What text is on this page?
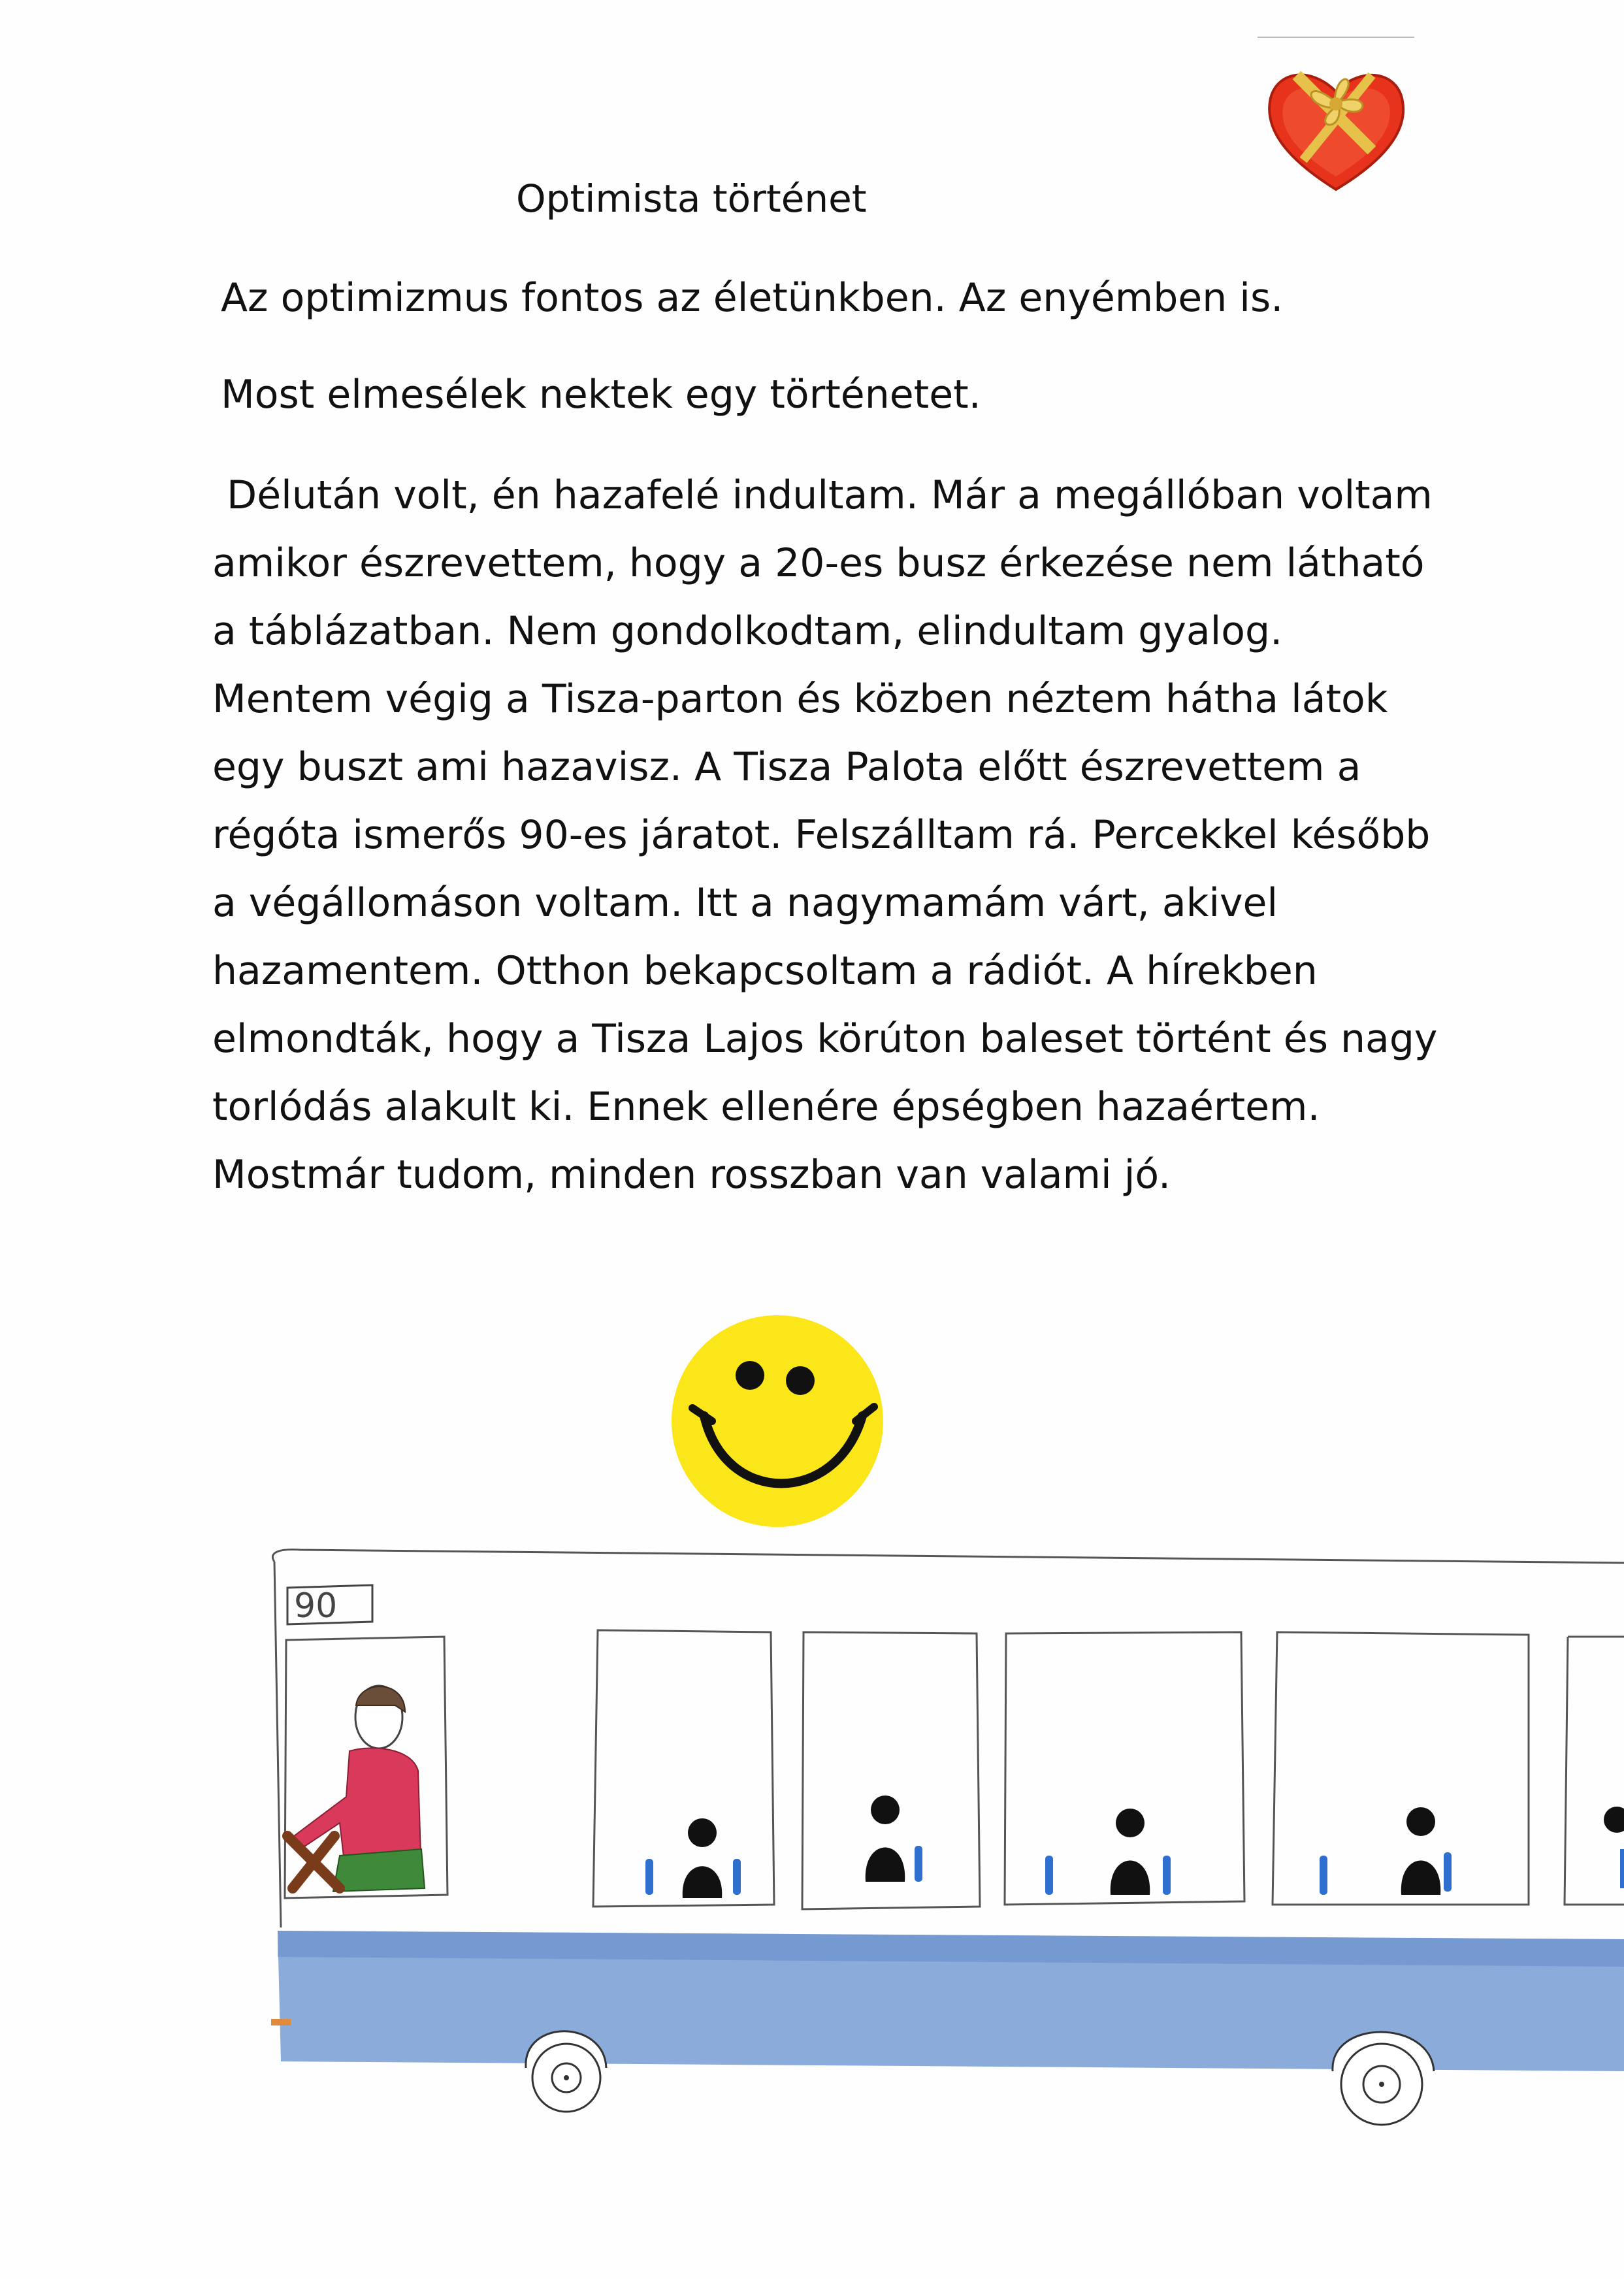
Optimista történet

Az optimizmus fontos az életünkben. Az enyémben is.

Most elmesélek nektek egy történetet.

Délután volt, én hazafelé indultam. Már a megállóban voltam
amikor észrevettem, hogy a 20-es busz érkezése nem látható
a táblázatban. Nem gondolkodtam, elindultam gyalog.
Mentem végig a Tisza-parton és közben néztem hátha látok
egy buszt ami hazavisz. A Tisza Palota előtt észrevettem a
régóta ismerős 90-es járatot. Felszálltam rá. Percekkel később
a végállomáson voltam. Itt a nagymamám várt, akivel
hazamentem. Otthon bekapcsoltam a rádiót. A hírekben
elmondták, hogy a Tisza Lajos körúton baleset történt és nagy
torlódás alakult ki. Ennek ellenére épségben hazaértem.
Mostmár tudom, minden rosszban van valami jó.
90
